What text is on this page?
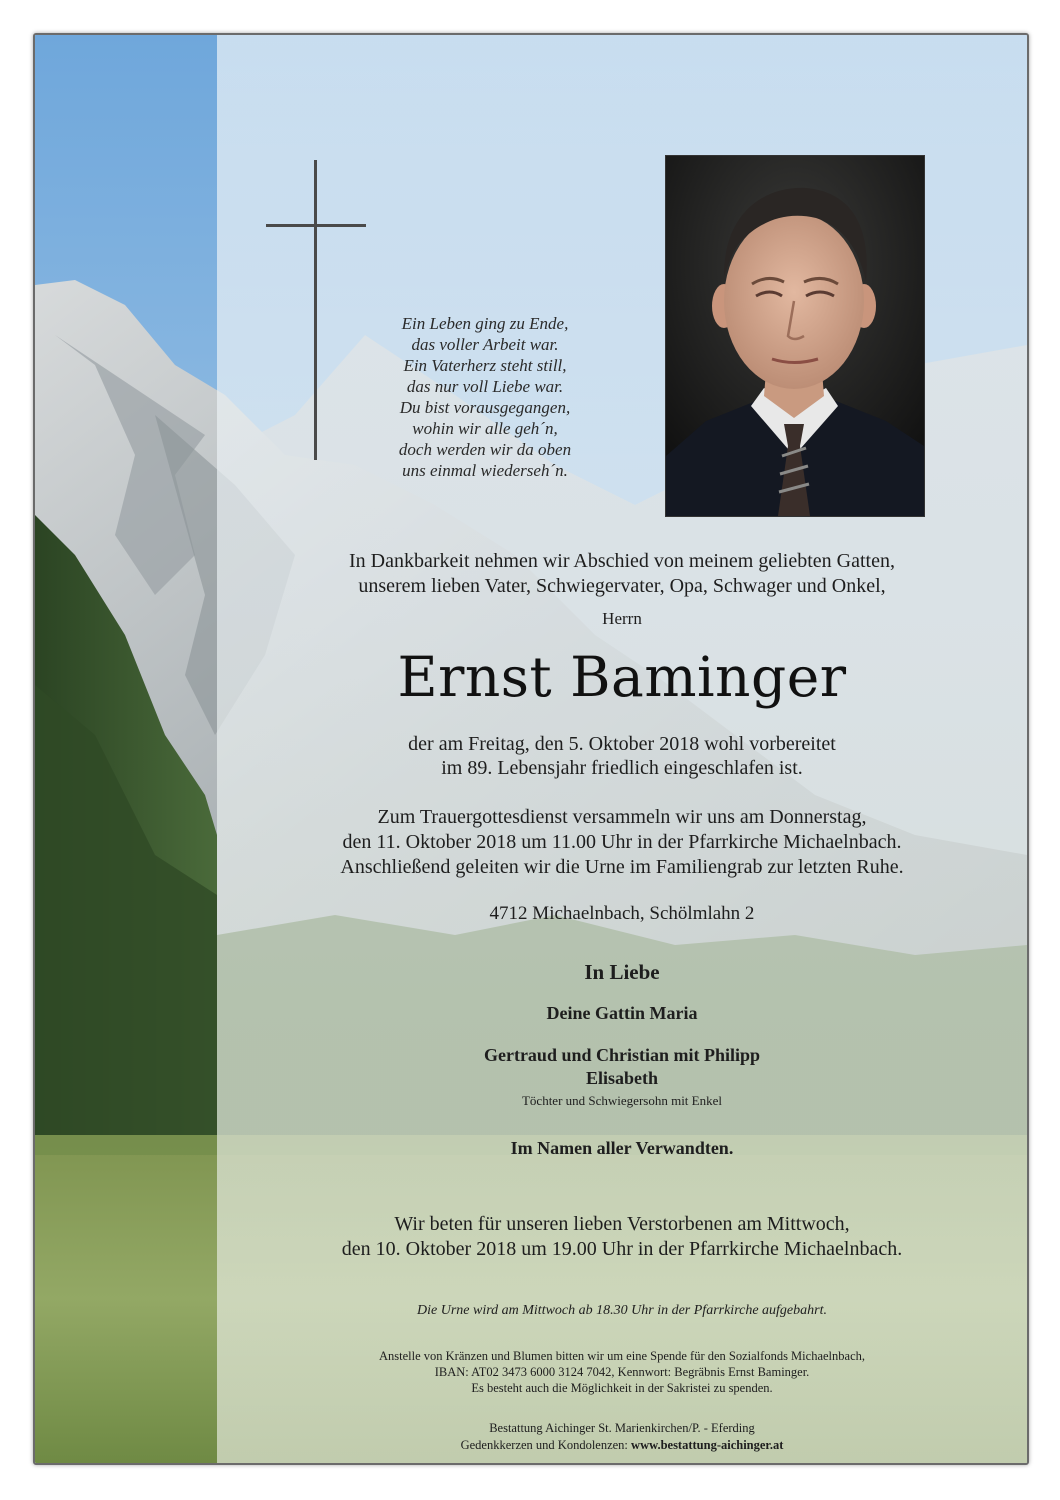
Ein Leben ging zu Ende,
das voller Arbeit war.
Ein Vaterherz steht still,
das nur voll Liebe war.
Du bist vorausgegangen,
wohin wir alle geh´n,
doch werden wir da oben
uns einmal wiederseh´n.
In Dankbarkeit nehmen wir Abschied von meinem geliebten Gatten,
unserem lieben Vater, Schwiegervater, Opa, Schwager und Onkel,
Herrn
Ernst Baminger
der am Freitag, den 5. Oktober 2018 wohl vorbereitet
im 89. Lebensjahr friedlich eingeschlafen ist.
Zum Trauergottesdienst versammeln wir uns am Donnerstag,
den 11. Oktober 2018 um 11.00 Uhr in der Pfarrkirche Michaelnbach.
Anschließend geleiten wir die Urne im Familiengrab zur letzten Ruhe.
4712 Michaelnbach, Schölmlahn 2
In Liebe
Deine Gattin Maria
Gertraud und Christian mit Philipp
Elisabeth
Töchter und Schwiegersohn mit Enkel
Im Namen aller Verwandten.
Wir beten für unseren lieben Verstorbenen am Mittwoch,
den 10. Oktober 2018 um 19.00 Uhr in der Pfarrkirche Michaelnbach.
Die Urne wird am Mittwoch ab 18.30 Uhr in der Pfarrkirche aufgebahrt.
Anstelle von Kränzen und Blumen bitten wir um eine Spende für den Sozialfonds Michaelnbach,
IBAN: AT02 3473 6000 3124 7042, Kennwort: Begräbnis Ernst Baminger.
Es besteht auch die Möglichkeit in der Sakristei zu spenden.
Bestattung Aichinger St. Marienkirchen/P. - Eferding
Gedenkkerzen und Kondolenzen: www.bestattung-aichinger.at
